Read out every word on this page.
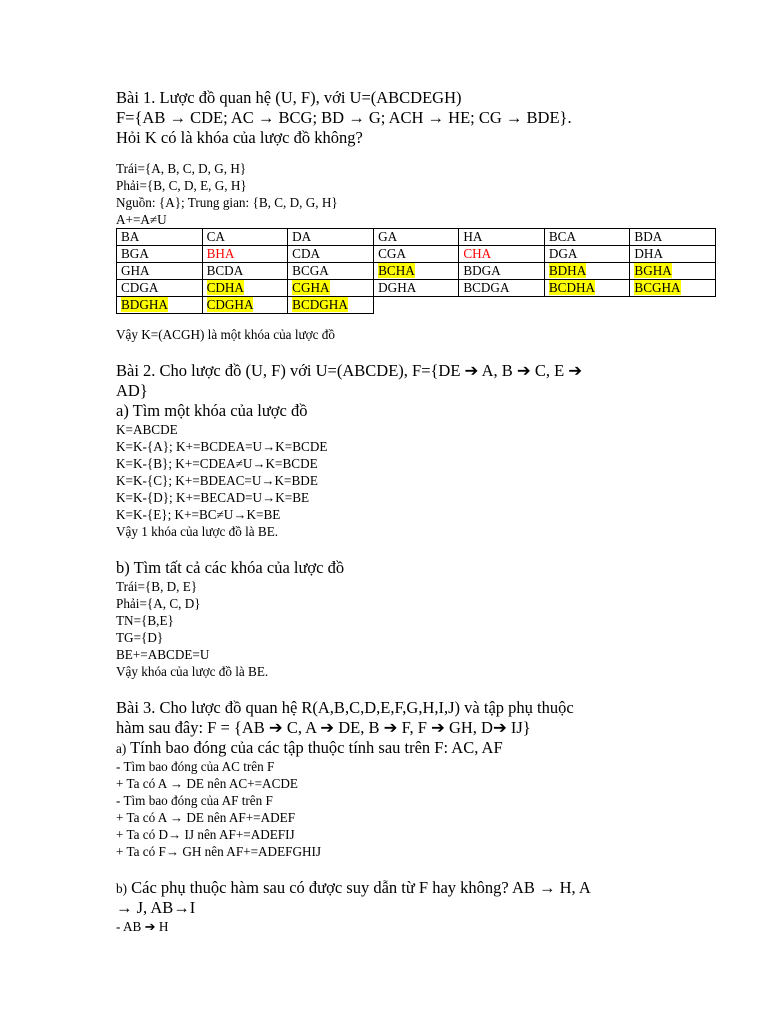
Bài 1. Lược đồ quan hệ (U, F), với U=(ABCDEGH)

F={AB → CDE; AC → BCG; BD → G; ACH → HE; CG → BDE}.

Hỏi K có là khóa của lược đồ không?

Trái={A, B, C, D, G, H}

Phải={B, C, D, E, G, H}

Nguồn: {A}; Trung gian: {B, C, D, G, H}

A+=A≠U

BA	CA	DA	GA	HA	BCA	BDA
BGA	BHA	CDA	CGA	CHA	DGA	DHA
GHA	BCDA	BCGA	BCHA	BDGA	BDHA	BGHA
CDGA	CDHA	CGHA	DGHA	BCDGA	BCDHA	BCGHA
BDGHA	CDGHA	BCDGHA				

Vậy K=(ACGH) là một khóa của lược đồ

Bài 2. Cho lược đồ (U, F) với U=(ABCDE), F={DE ➔ A, B ➔ C, E ➔

AD}

a) Tìm một khóa của lược đồ

K=ABCDE

K=K-{A}; K+=BCDEA=U→K=BCDE

K=K-{B}; K+=CDEA≠U→K=BCDE

K=K-{C}; K+=BDEAC=U→K=BDE

K=K-{D}; K+=BECAD=U→K=BE

K=K-{E}; K+=BC≠U→K=BE

Vậy 1 khóa của lược đồ là BE.

b) Tìm tất cả các khóa của lược đồ

Trái={B, D, E}

Phải={A, C, D}

TN={B,E}

TG={D}

BE+=ABCDE=U

Vậy khóa của lược đồ là BE.

Bài 3. Cho lược đồ quan hệ R(A,B,C,D,E,F,G,H,I,J) và tập phụ thuộc

hàm sau đây: F = {AB ➔ C, A ➔ DE, B ➔ F, F ➔ GH, D➔ IJ}

a) Tính bao đóng của các tập thuộc tính sau trên F: AC, AF

- Tìm bao đóng của AC trên F

+ Ta có A → DE nên AC+=ACDE

- Tìm bao đóng của AF trên F

+ Ta có A → DE nên AF+=ADEF

+ Ta có D→ IJ nên AF+=ADEFIJ

+ Ta có F→ GH nên AF+=ADEFGHIJ

b) Các phụ thuộc hàm sau có được suy dẫn từ F hay không? AB → H, A

→ J, AB→I

- AB ➔ H
